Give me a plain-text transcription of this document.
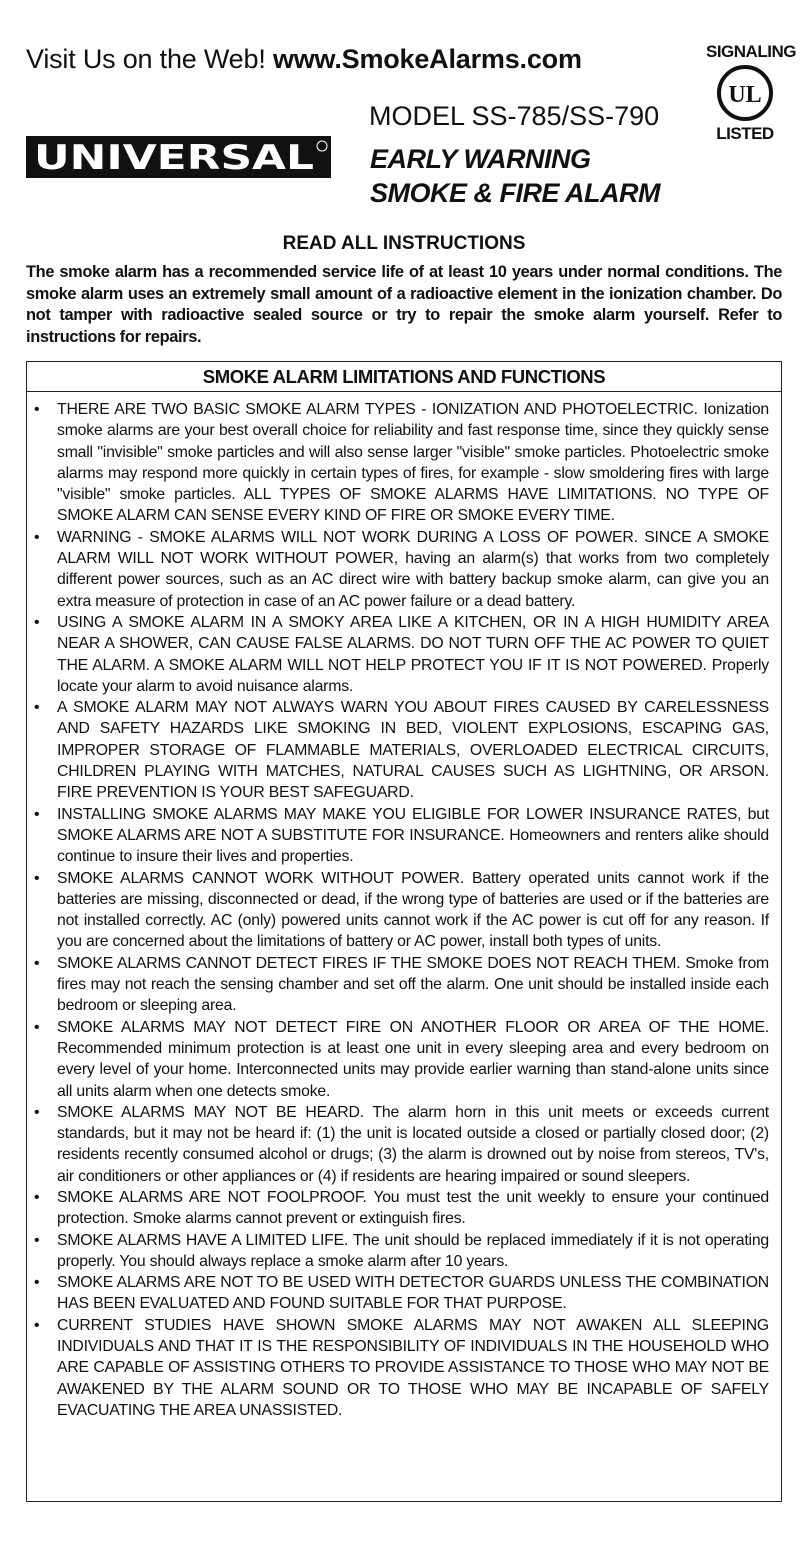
Visit Us on the Web! www.SmokeAlarms.com	SIGNALING
UL
LISTED
UNIVERSAL
MODEL SS-785/SS-790
EARLY WARNING
SMOKE & FIRE ALARM
READ ALL INSTRUCTIONS
The smoke alarm has a recommended service life of at least 10 years under normal conditions. The smoke alarm uses an extremely small amount of a radioactive element in the ionization chamber. Do not tamper with radioactive sealed source or try to repair the smoke alarm yourself. Refer to instructions for repairs.
SMOKE ALARM LIMITATIONS AND FUNCTIONS
• THERE ARE TWO BASIC SMOKE ALARM TYPES - IONIZATION AND PHOTOELECTRIC. Ionization smoke alarms are your best overall choice for reliability and fast response time, since they quickly sense small "invisible" smoke particles and will also sense larger "visible" smoke particles. Photoelectric smoke alarms may respond more quickly in certain types of fires, for example - slow smoldering fires with large "visible" smoke particles. ALL TYPES OF SMOKE ALARMS HAVE LIMITATIONS. NO TYPE OF SMOKE ALARM CAN SENSE EVERY KIND OF FIRE OR SMOKE EVERY TIME.
• WARNING - SMOKE ALARMS WILL NOT WORK DURING A LOSS OF POWER. SINCE A SMOKE ALARM WILL NOT WORK WITHOUT POWER, having an alarm(s) that works from two completely different power sources, such as an AC direct wire with battery backup smoke alarm, can give you an extra measure of protection in case of an AC power failure or a dead battery.
• USING A SMOKE ALARM IN A SMOKY AREA LIKE A KITCHEN, OR IN A HIGH HUMIDITY AREA NEAR A SHOWER, CAN CAUSE FALSE ALARMS. DO NOT TURN OFF THE AC POWER TO QUIET THE ALARM. A SMOKE ALARM WILL NOT HELP PROTECT YOU IF IT IS NOT POWERED. Properly locate your alarm to avoid nuisance alarms.
• A SMOKE ALARM MAY NOT ALWAYS WARN YOU ABOUT FIRES CAUSED BY CARELESSNESS AND SAFETY HAZARDS LIKE SMOKING IN BED, VIOLENT EXPLOSIONS, ESCAPING GAS, IMPROPER STORAGE OF FLAMMABLE MATERIALS, OVERLOADED ELECTRICAL CIRCUITS, CHILDREN PLAYING WITH MATCHES, NATURAL CAUSES SUCH AS LIGHTNING, OR ARSON. FIRE PREVENTION IS YOUR BEST SAFEGUARD.
• INSTALLING SMOKE ALARMS MAY MAKE YOU ELIGIBLE FOR LOWER INSURANCE RATES, but SMOKE ALARMS ARE NOT A SUBSTITUTE FOR INSURANCE. Homeowners and renters alike should continue to insure their lives and properties.
• SMOKE ALARMS CANNOT WORK WITHOUT POWER. Battery operated units cannot work if the batteries are missing, disconnected or dead, if the wrong type of batteries are used or if the batteries are not installed correctly. AC (only) powered units cannot work if the AC power is cut off for any reason. If you are concerned about the limitations of battery or AC power, install both types of units.
• SMOKE ALARMS CANNOT DETECT FIRES IF THE SMOKE DOES NOT REACH THEM. Smoke from fires may not reach the sensing chamber and set off the alarm. One unit should be installed inside each bedroom or sleeping area.
• SMOKE ALARMS MAY NOT DETECT FIRE ON ANOTHER FLOOR OR AREA OF THE HOME. Recommended minimum protection is at least one unit in every sleeping area and every bedroom on every level of your home. Interconnected units may provide earlier warning than stand-alone units since all units alarm when one detects smoke.
• SMOKE ALARMS MAY NOT BE HEARD. The alarm horn in this unit meets or exceeds current standards, but it may not be heard if: (1) the unit is located outside a closed or partially closed door; (2) residents recently consumed alcohol or drugs; (3) the alarm is drowned out by noise from stereos, TV's, air conditioners or other appliances or (4) if residents are hearing impaired or sound sleepers.
• SMOKE ALARMS ARE NOT FOOLPROOF. You must test the unit weekly to ensure your continued protection. Smoke alarms cannot prevent or extinguish fires.
• SMOKE ALARMS HAVE A LIMITED LIFE. The unit should be replaced immediately if it is not operating properly. You should always replace a smoke alarm after 10 years.
• SMOKE ALARMS ARE NOT TO BE USED WITH DETECTOR GUARDS UNLESS THE COMBINATION HAS BEEN EVALUATED AND FOUND SUITABLE FOR THAT PURPOSE.
• CURRENT STUDIES HAVE SHOWN SMOKE ALARMS MAY NOT AWAKEN ALL SLEEPING INDIVIDUALS AND THAT IT IS THE RESPONSIBILITY OF INDIVIDUALS IN THE HOUSEHOLD WHO ARE CAPABLE OF ASSISTING OTHERS TO PROVIDE ASSISTANCE TO THOSE WHO MAY NOT BE AWAKENED BY THE ALARM SOUND OR TO THOSE WHO MAY BE INCAPABLE OF SAFELY EVACUATING THE AREA UNASSISTED.
